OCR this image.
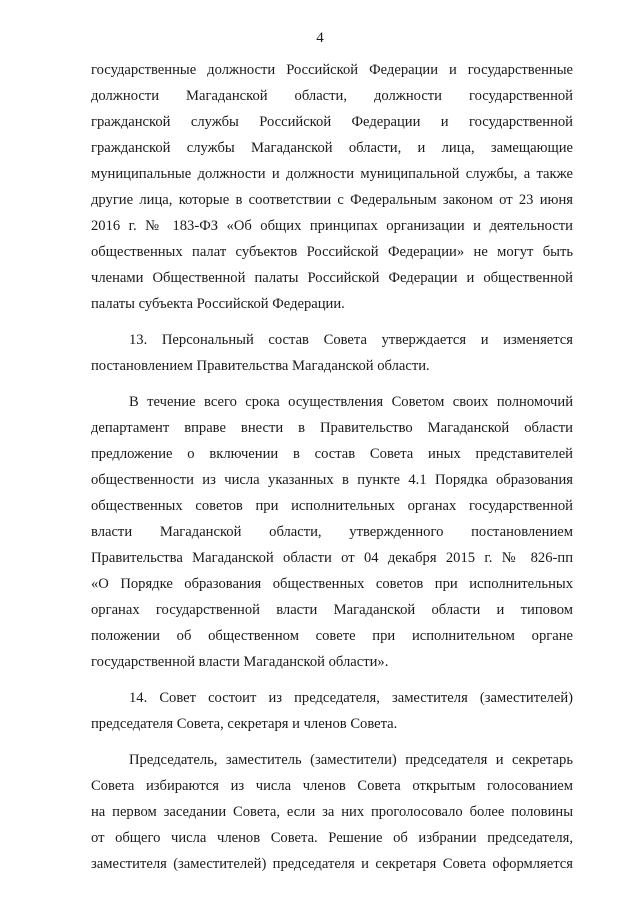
4
государственные должности Российской Федерации и государственные
должности Магаданской области, должности государственной
гражданской службы Российской Федерации и государственной
гражданской службы Магаданской области, и лица, замещающие
муниципальные должности и должности муниципальной службы, а также
другие лица, которые в соответствии с Федеральным законом от 23 июня
2016 г. № 183-ФЗ «Об общих принципах организации и деятельности
общественных палат субъектов Российской Федерации» не могут быть
членами Общественной палаты Российской Федерации и общественной
палаты субъекта Российской Федерации.
13. Персональный состав Совета утверждается и изменяется
постановлением Правительства Магаданской области.
В течение всего срока осуществления Советом своих полномочий
департамент вправе внести в Правительство Магаданской области
предложение о включении в состав Совета иных представителей
общественности из числа указанных в пункте 4.1 Порядка образования
общественных советов при исполнительных органах государственной
власти Магаданской области, утвержденного постановлением
Правительства Магаданской области от 04 декабря 2015 г. № 826-пп
«О Порядке образования общественных советов при исполнительных
органах государственной власти Магаданской области и типовом
положении об общественном совете при исполнительном органе
государственной власти Магаданской области».
14. Совет состоит из председателя, заместителя (заместителей)
председателя Совета, секретаря и членов Совета.
Председатель, заместитель (заместители) председателя и секретарь
Совета избираются из числа членов Совета открытым голосованием
на первом заседании Совета, если за них проголосовало более половины
от общего числа членов Совета. Решение об избрании председателя,
заместителя (заместителей) председателя и секретаря Совета оформляется
